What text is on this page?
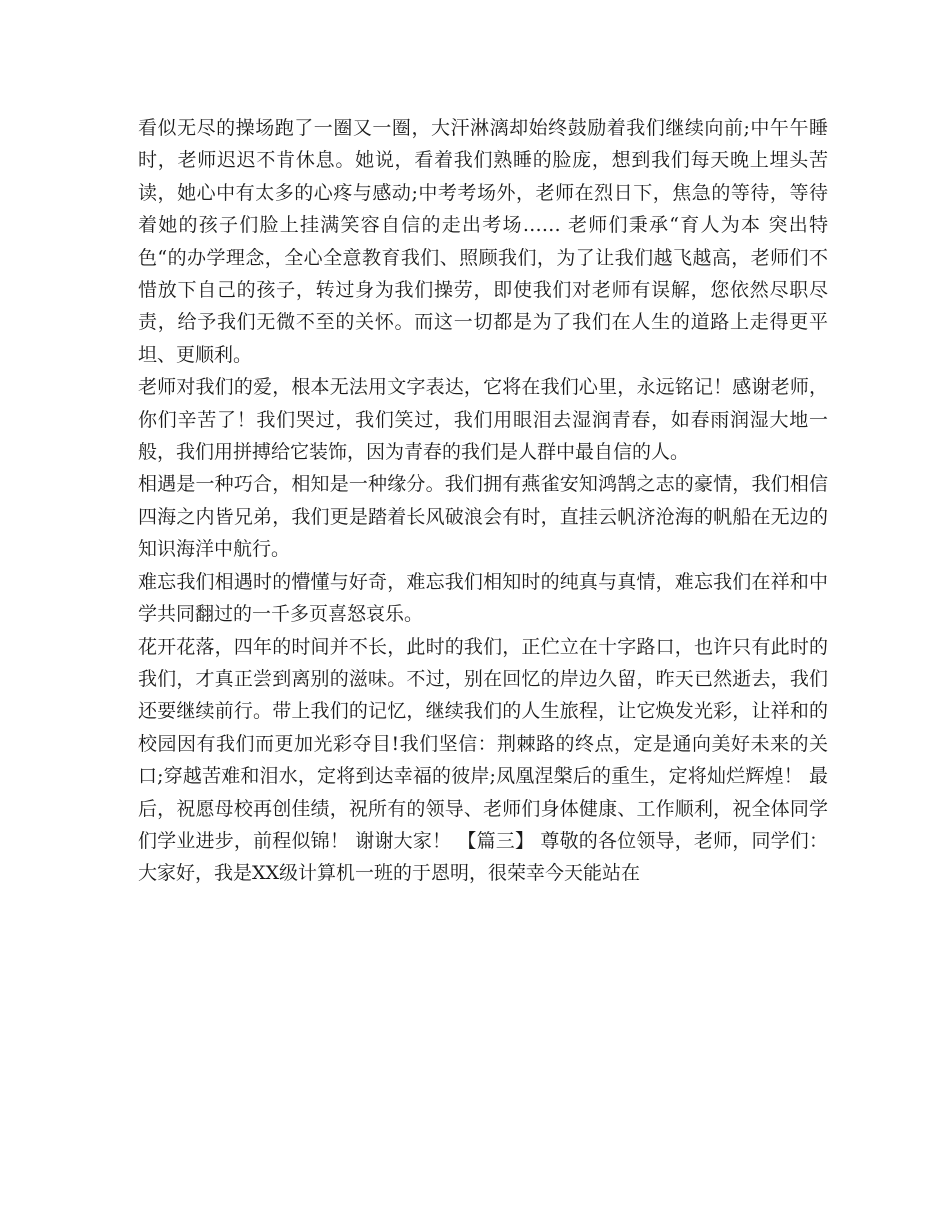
看似无尽的操场跑了一圈又一圈，大汗淋漓却始终鼓励着我们继续向前;中午午睡时，老师迟迟不肯休息。她说，看着我们熟睡的脸庞，想到我们每天晚上埋头苦读，她心中有太多的心疼与感动;中考考场外，老师在烈日下，焦急的等待，等待着她的孩子们脸上挂满笑容自信的走出考场…… 老师们秉承“育人为本 突出特色“的办学理念，全心全意教育我们、照顾我们，为了让我们越飞越高，老师们不惜放下自己的孩子，转过身为我们操劳，即使我们对老师有误解，您依然尽职尽责，给予我们无微不至的关怀。而这一切都是为了我们在人生的道路上走得更平坦、更顺利。

老师对我们的爱，根本无法用文字表达，它将在我们心里，永远铭记！感谢老师，你们辛苦了！我们哭过，我们笑过，我们用眼泪去湿润青春，如春雨润湿大地一般，我们用拼搏给它装饰，因为青春的我们是人群中最自信的人。

相遇是一种巧合，相知是一种缘分。我们拥有燕雀安知鸿鹄之志的豪情，我们相信四海之内皆兄弟，我们更是踏着长风破浪会有时，直挂云帆济沧海的帆船在无边的知识海洋中航行。

难忘我们相遇时的懵懂与好奇，难忘我们相知时的纯真与真情，难忘我们在祥和中学共同翻过的一千多页喜怒哀乐。

花开花落，四年的时间并不长，此时的我们，正伫立在十字路口，也许只有此时的我们，才真正尝到离别的滋味。不过，别在回忆的岸边久留，昨天已然逝去，我们还要继续前行。带上我们的记忆，继续我们的人生旅程，让它焕发光彩，让祥和的校园因有我们而更加光彩夺目!我们坚信：荆棘路的终点，定是通向美好未来的关口;穿越苦难和泪水，定将到达幸福的彼岸;凤凰涅槃后的重生，定将灿烂辉煌！ 最后，祝愿母校再创佳绩，祝所有的领导、老师们身体健康、工作顺利，祝全体同学们学业进步，前程似锦！ 谢谢大家！ 【篇三】 尊敬的各位领导，老师，同学们：  大家好，我是XX级计算机一班的于恩明，很荣幸今天能站在
